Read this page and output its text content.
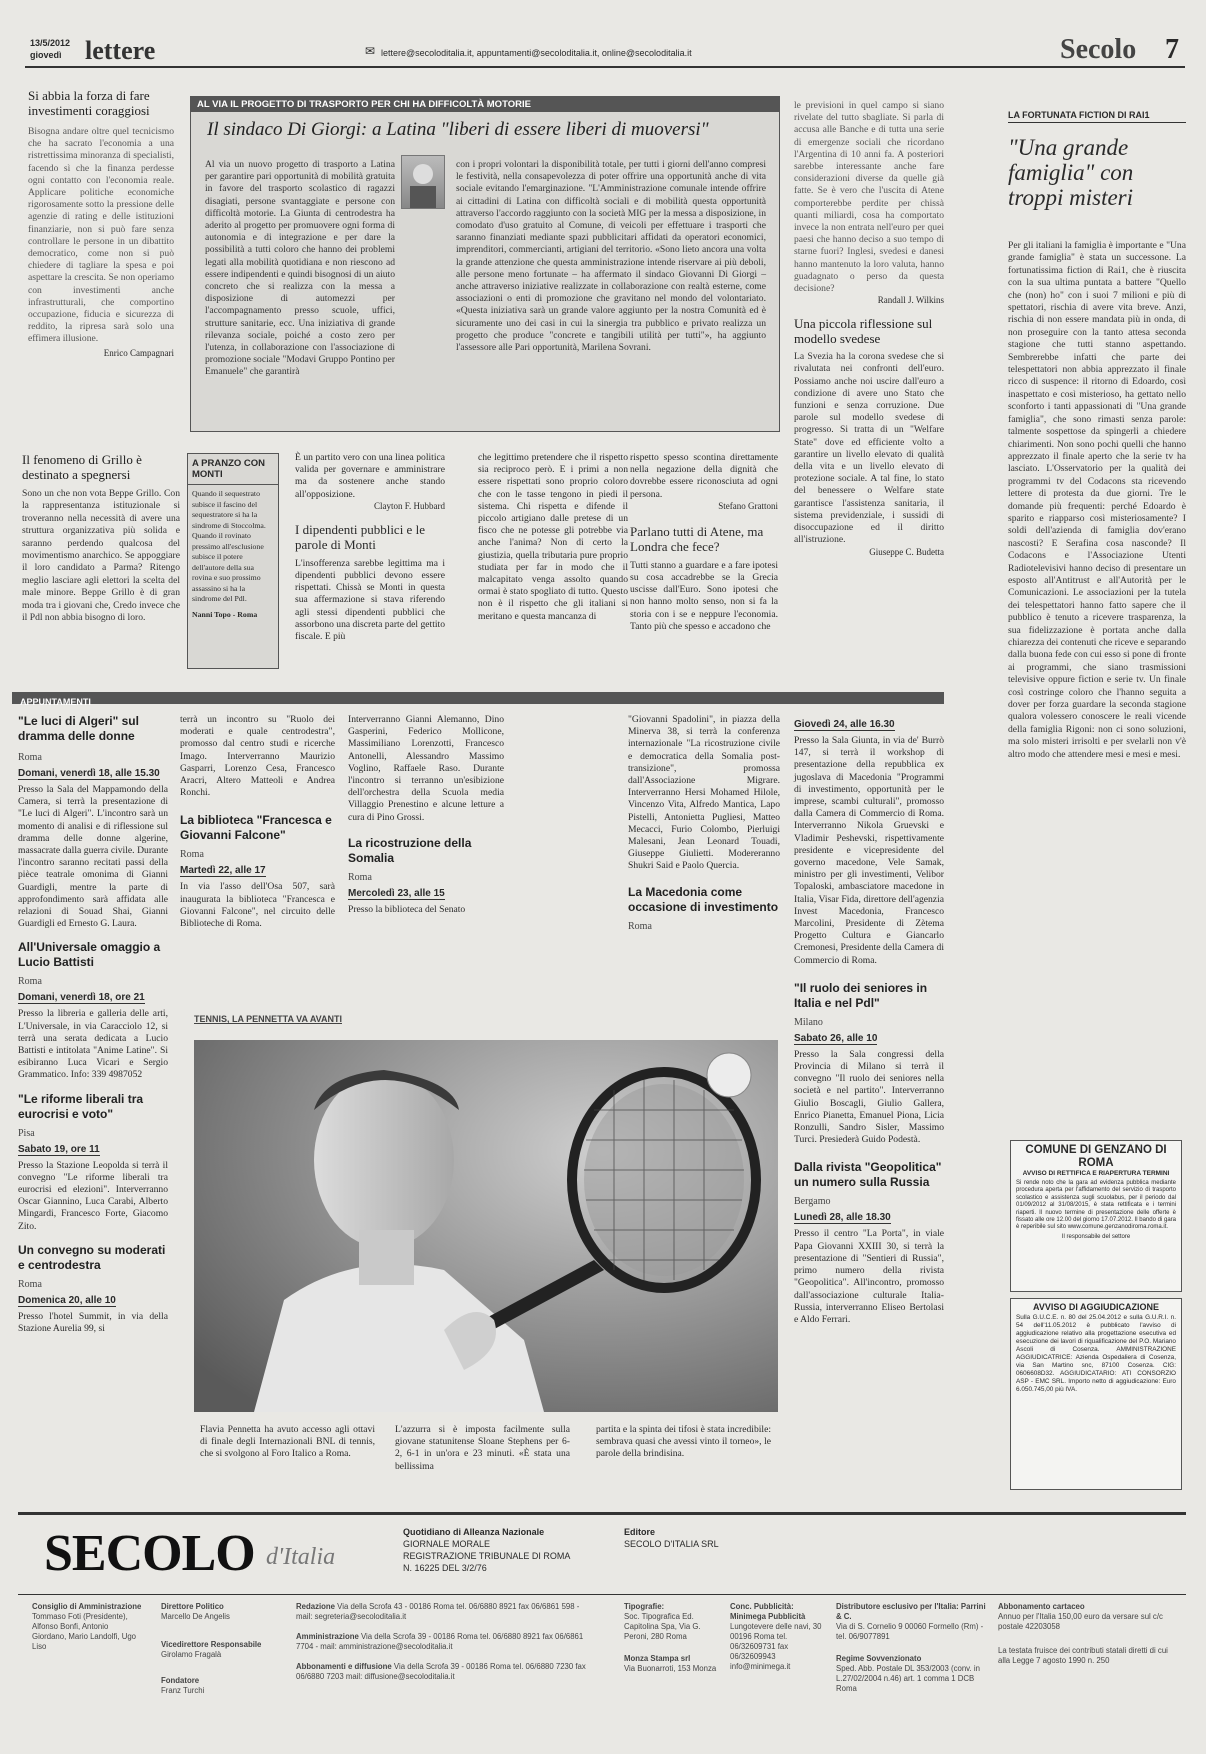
13/5/2012
giovedì lettere	✉ lettere@secoloditalia.it, appuntamenti@secoloditalia.it, online@secoloditalia.it	Secolo 7
Si abbia la forza di fare investimenti coraggiosi
Bisogna andare oltre quel tecnicismo che ha sacrato l'economia a una ristrettissima minoranza di specialisti, facendo sì che la finanza perdesse ogni contatto con l'economia reale. Applicare politiche economiche rigorosamente sotto la pressione delle agenzie di rating e delle istituzioni finanziarie, non si può fare senza controllare le persone in un dibattito democratico, come non si può chiedere di tagliare la spesa e poi aspettare la crescita. Se non operiamo con investimenti anche infrastrutturali, che comportino occupazione, fiducia e sicurezza di reddito, la ripresa sarà solo una effimera illusione.
Enrico Campagnari
AL VIA IL PROGETTO DI TRASPORTO PER CHI HA DIFFICOLTÀ MOTORIE
Il sindaco Di Giorgi: a Latina "liberi di essere liberi di muoversi"
Al via un nuovo progetto di trasporto a Latina per garantire pari opportunità di mobilità gratuita in favore del trasporto scolastico di ragazzi disagiati, persone svantaggiate e persone con difficoltà motorie. La Giunta di centrodestra ha aderito al progetto per promuovere ogni forma di autonomia e di integrazione e per dare la possibilità a tutti coloro che hanno dei problemi legati alla mobilità quotidiana e non riescono ad essere indipendenti e quindi bisognosi di un aiuto concreto che si realizza con la messa a disposizione di automezzi per l'accompagnamento presso scuole, uffici, strutture sanitarie, ecc. Una iniziativa di grande rilevanza sociale, poiché a costo zero per l'utenza, in collaborazione con l'associazione di promozione sociale "Modavi Gruppo Pontino per Emanuele" che garantirà
con i propri volontari la disponibilità totale, per tutti i giorni dell'anno compresi le festività, nella consapevolezza di poter offrire una opportunità anche di vita sociale evitando l'emarginazione. "L'Amministrazione comunale intende offrire ai cittadini di Latina con difficoltà sociali e di mobilità questa opportunità attraverso l'accordo raggiunto con la società MIG per la messa a disposizione, in comodato d'uso gratuito al Comune, di veicoli per effettuare i trasporti che saranno finanziati mediante spazi pubblicitari affidati da operatori economici, imprenditori, commercianti, artigiani del territorio. «Sono lieto ancora una volta la grande attenzione che questa amministrazione intende riservare ai più deboli, alle persone meno fortunate – ha affermato il sindaco Giovanni Di Giorgi – anche attraverso iniziative realizzate in collaborazione con realtà esterne, come associazioni o enti di promozione che gravitano nel mondo del volontariato. «Questa iniziativa sarà un grande valore aggiunto per la nostra Comunità ed è sicuramente uno dei casi in cui la sinergia tra pubblico e privato realizza un progetto che produce "concrete e tangibili utilità per tutti"», ha aggiunto l'assessore alle Pari opportunità, Marilena Sovrani.
le previsioni in quel campo si siano rivelate del tutto sbagliate. Si parla di accusa alle Banche e di tutta una serie di emergenze sociali che ricordano l'Argentina di 10 anni fa. A posteriori sarebbe interessante anche fare considerazioni diverse da quelle già fatte. Se è vero che l'uscita di Atene comporterebbe perdite per chissà quanti miliardi, cosa ha comportato invece la non entrata nell'euro per quei paesi che hanno deciso a suo tempo di starne fuori? Inglesi, svedesi e danesi hanno mantenuto la loro valuta, hanno guadagnato o perso da questa decisione?
Randall J. Wilkins
Una piccola riflessione sul modello svedese
La Svezia ha la corona svedese che si rivalutata nei confronti dell'euro. Possiamo anche noi uscire dall'euro a condizione di avere uno Stato che funzioni e senza corruzione. Due parole sul modello svedese di progresso. Si tratta di un "Welfare State" dove ed efficiente volto a garantire un livello elevato di qualità della vita e un livello elevato di protezione sociale. A tal fine, lo stato del benessere o Welfare state garantisce l'assistenza sanitaria, il sistema previdenziale, i sussidi di disoccupazione ed il diritto all'istruzione.
Giuseppe C. Budetta
LA FORTUNATA FICTION DI RAI1
"Una grande famiglia" con troppi misteri
Per gli italiani la famiglia è importante e "Una grande famiglia" è stata un successone. La fortunatissima fiction di Rai1, che è riuscita con la sua ultima puntata a battere "Quello che (non) ho" con i suoi 7 milioni e più di spettatori, rischia di avere vita breve. Anzi, rischia di non essere mandata più in onda, di non proseguire con la tanto attesa seconda stagione che tutti stanno aspettando. Sembrerebbe infatti che parte dei telespettatori non abbia apprezzato il finale ricco di suspence: il ritorno di Edoardo, così inaspettato e così misterioso, ha gettato nello sconforto i tanti appassionati di "Una grande famiglia", che sono rimasti senza parole: talmente sospettose da spingerli a chiedere chiarimenti. Non sono pochi quelli che hanno apprezzato il finale aperto che la serie tv ha lasciato. L'Osservatorio per la qualità dei programmi tv del Codacons sta ricevendo lettere di protesta da due giorni. Tre le domande più frequenti: perché Edoardo è sparito e riapparso così misteriosamente? I soldi dell'azienda di famiglia dov'erano nascosti? E Serafina cosa nasconde? Il Codacons e l'Associazione Utenti Radiotelevisivi hanno deciso di presentare un esposto all'Antitrust e all'Autorità per le Comunicazioni. Le associazioni per la tutela dei telespettatori hanno fatto sapere che il pubblico è tenuto a ricevere trasparenza, la sua fidelizzazione è portata anche dalla chiarezza dei contenuti che riceve e separando dalla buona fede con cui esso si pone di fronte ai programmi, che siano trasmissioni televisive oppure fiction e serie tv. Un finale così costringe coloro che l'hanno seguita a dover per forza guardare la seconda stagione qualora volessero conoscere le reali vicende della famiglia Rigoni: non ci sono soluzioni, ma solo misteri irrisolti e per svelarli non v'è altro modo che attendere mesi e mesi e mesi.
Il fenomeno di Grillo è destinato a spegnersi
Sono un che non vota Beppe Grillo. Con la rappresentanza istituzionale si troveranno nella necessità di avere una struttura organizzativa più solida e saranno perdendo qualcosa del movimentismo anarchico. Se appoggiare il loro candidato a Parma? Ritengo meglio lasciare agli elettori la scelta del male minore. Beppe Grillo è di gran moda tra i giovani che, Credo invece che il Pdl non abbia bisogno di loro.
A PRANZO CON MONTI
Quando il sequestrato subisce il fascino del sequestratore si ha la sindrome di Stoccolma. Quando il rovinato pressimo all'esclusione subisce il potere dell'autore della sua rovina e suo prossimo assassino si ha la sindrome del Pdl.
Nanni Topo - Roma
È un partito vero con una linea politica valida per governare e amministrare ma da sostenere anche stando all'opposizione.
Clayton F. Hubbard
I dipendenti pubblici e le parole di Monti
L'insofferenza sarebbe legittima ma i dipendenti pubblici devono essere rispettati. Chissà se Monti in questa sua affermazione si stava riferendo agli stessi dipendenti pubblici che assorbono una discreta parte del gettito fiscale. E più
che legittimo pretendere che il rispetto sia reciproco però. E i primi a non essere rispettati sono proprio coloro che con le tasse tengono in piedi il sistema. Chi rispetta e difende il piccolo artigiano dalle pretese di un fisco che ne potesse gli potrebbe via anche l'anima? Non di certo la giustizia, quella tributaria pure proprio studiata per far in modo che il malcapitato venga assolto quando ormai è stato spogliato di tutto. Questo non è il rispetto che gli italiani si meritano e questa mancanza di
rispetto spesso scontina direttamente nella negazione della dignità che dovrebbe essere riconosciuta ad ogni persona.
Stefano Grattoni
Parlano tutti di Atene, ma Londra che fece?
Tutti stanno a guardare e a fare ipotesi su cosa accadrebbe se la Grecia uscisse dall'Euro. Sono ipotesi che non hanno molto senso, non si fa la storia con i se e neppure l'economia. Tanto più che spesso e accadono che
APPUNTAMENTI
"Le luci di Algeri" sul dramma delle donne
Roma
Domani, venerdì 18, alle 15.30
Presso la Sala del Mappamondo della Camera, si terrà la presentazione di "Le luci di Algeri". L'incontro sarà un momento di analisi e di riflessione sul dramma delle donne algerine, massacrate dalla guerra civile. Durante l'incontro saranno recitati passi della pièce teatrale omonima di Gianni Guardigli, mentre la parte di approfondimento sarà affidata alle relazioni di Souad Shai, Gianni Guardigli ed Ernesto G. Laura.
All'Universale omaggio a Lucio Battisti
Roma
Domani, venerdì 18, ore 21
Presso la libreria e galleria delle arti, L'Universale, in via Caracciolo 12, si terrà una serata dedicata a Lucio Battisti e intitolata "Anime Latine". Si esibiranno Luca Vicari e Sergio Grammatico. Info: 339 4987052
"Le riforme liberali tra eurocrisi e voto"
Pisa
Sabato 19, ore 11
Presso la Stazione Leopolda si terrà il convegno "Le riforme liberali tra eurocrisi ed elezioni". Interverranno Oscar Giannino, Luca Carabi, Alberto Mingardi, Francesco Forte, Giacomo Zito.
Un convegno su moderati e centrodestra
Roma
Domenica 20, alle 10
Presso l'hotel Summit, in via della Stazione Aurelia 99, si
terrà un incontro su "Ruolo dei moderati e quale centrodestra", promosso dal centro studi e ricerche Imago. Interverranno Maurizio Gasparri, Lorenzo Cesa, Francesco Aracri, Altero Matteoli e Andrea Ronchi.
La biblioteca "Francesca e Giovanni Falcone"
Roma
Martedì 22, alle 17
In via l'asso dell'Osa 507, sarà inaugurata la biblioteca "Francesca e Giovanni Falcone", nel circuito delle Biblioteche di Roma.
Interverranno Gianni Alemanno, Dino Gasperini, Federico Mollicone, Massimiliano Lorenzotti, Francesco Antonelli, Alessandro Massimo Voglino, Raffaele Raso. Durante l'incontro si terranno un'esibizione dell'orchestra della Scuola media Villaggio Prenestino e alcune letture a cura di Pino Grossi.
La ricostruzione della Somalia
Roma
Mercoledì 23, alle 15
Presso la biblioteca del Senato
"Giovanni Spadolini", in piazza della Minerva 38, si terrà la conferenza internazionale "La ricostruzione civile e democratica della Somalia post-transizione", promossa dall'Associazione Migrare. Interverranno Hersi Mohamed Hilole, Vincenzo Vita, Alfredo Mantica, Lapo Pistelli, Antonietta Pugliesi, Matteo Mecacci, Furio Colombo, Pierluigi Malesani, Jean Leonard Touadi, Giuseppe Giulietti. Modereranno Shukri Said e Paolo Quercia.
La Macedonia come occasione di investimento
Roma
Giovedì 24, alle 16.30
Presso la Sala Giunta, in via de' Burrò 147, si terrà il workshop di presentazione della repubblica ex jugoslava di Macedonia "Programmi di investimento, opportunità per le imprese, scambi culturali", promosso dalla Camera di Commercio di Roma. Interverranno Nikola Gruevski e Vladimir Peshevski, rispettivamente presidente e vicepresidente del governo macedone, Vele Samak, ministro per gli investimenti, Velibor Topaloski, ambasciatore macedone in Italia, Visar Fida, direttore dell'agenzia Invest Macedonia, Francesco Marcolini, Presidente di Zètema Progetto Cultura e Giancarlo Cremonesi, Presidente della Camera di Commercio di Roma.
"Il ruolo dei seniores in Italia e nel Pdl"
Milano
Sabato 26, alle 10
Presso la Sala congressi della Provincia di Milano si terrà il convegno "Il ruolo dei seniores nella società e nel partito". Interverranno Giulio Boscagli, Giulio Gallera, Enrico Pianetta, Emanuel Piona, Licia Ronzulli, Sandro Sisler, Massimo Turci. Presiederà Guido Podestà.
Dalla rivista "Geopolitica" un numero sulla Russia
Bergamo
Lunedì 28, alle 18.30
Presso il centro "La Porta", in viale Papa Giovanni XXIII 30, si terrà la presentazione di "Sentieri di Russia", primo numero della rivista "Geopolitica". All'incontro, promosso dall'associazione culturale Italia-Russia, interverranno Eliseo Bertolasi e Aldo Ferrari.
TENNIS, LA PENNETTA VA AVANTI
Flavia Pennetta ha avuto accesso agli ottavi di finale degli Internazionali BNL di tennis, che si svolgono al Foro Italico a Roma.
L'azzurra si è imposta facilmente sulla giovane statunitense Sloane Stephens per 6-2, 6-1 in un'ora e 23 minuti. «È stata una bellissima
partita e la spinta dei tifosi è stata incredibile: sembrava quasi che avessi vinto il torneo», le parole della brindisina.
COMUNE DI GENZANO DI ROMA
AVVISO DI RETTIFICA E RIAPERTURA TERMINI
Si rende noto che la gara ad evidenza pubblica mediante procedura aperta per l'affidamento del servizio di trasporto scolastico e assistenza sugli scuolabus, per il periodo dal 01/09/2012 al 31/08/2015, è stata rettificata e i termini riaperti. Il nuovo termine di presentazione delle offerte è fissato alle ore 12.00 del giorno 17.07.2012. Il bando di gara è reperibile sul sito www.comune.genzanodiroma.roma.it.
Il responsabile del settore
AVVISO DI AGGIUDICAZIONE
Sulla G.U.C.E. n. 80 del 25.04.2012 e sulla G.U.R.I. n. 54 dell'11.05.2012 è pubblicato l'avviso di aggiudicazione relativo alla progettazione esecutiva ed esecuzione dei lavori di riqualificazione del P.O. Mariano Ascoli di Cosenza. AMMINISTRAZIONE AGGIUDICATRICE: Azienda Ospedaliera di Cosenza, via San Martino snc, 87100 Cosenza. CIG: 0606608D32. AGGIUDICATARIO: ATI CONSORZIO ASP - EMC SRL. Importo netto di aggiudicazione: Euro 6.050.745,00 più IVA.
SECOLO d'Italia
Quotidiano di Alleanza Nazionale
GIORNALE MORALE
REGISTRAZIONE TRIBUNALE DI ROMA
N. 16225 DEL 3/2/76
Editore
SECOLO D'ITALIA SRL
Consiglio di Amministrazione
Tommaso Foti (Presidente), Alfonso Bonfi, Antonio Giordano, Mario Landolfi, Ugo Liso
Direttore Politico
Marcello De Angelis
Vicedirettore Responsabile
Girolamo Fragalà
Fondatore
Franz Turchi
Redazione Via della Scrofa 43 - 00186 Roma tel. 06/6880 8921 fax 06/6861 598 - mail: segreteria@secoloditalia.it
Amministrazione Via della Scrofa 39 - 00186 Roma tel. 06/6880 8921 fax 06/6861 7704 - mail: amministrazione@secoloditalia.it
Abbonamenti e diffusione Via della Scrofa 39 - 00186 Roma tel. 06/6880 7230 fax 06/6880 7203 mail: diffusione@secoloditalia.it
Tipografie:
Soc. Tipografica Ed. Capitolina Spa, Via G. Peroni, 280 Roma
Monza Stampa srl
Via Buonarroti, 153 Monza
Conc. Pubblicità: Minimega Pubblicità
Lungotevere delle navi, 30 00196 Roma tel. 06/32609731 fax 06/32609943 info@minimega.it
Distributore esclusivo per l'Italia: Parrini & C.
Via di S. Cornelio 9 00060 Formello (Rm) - tel. 06/9077891
Regime Sovvenzionato
Sped. Abb. Postale DL 353/2003 (conv. in L.27/02/2004 n.46) art. 1 comma 1 DCB Roma
Abbonamento cartaceo
Annuo per l'Italia 150,00 euro da versare sul c/c postale 42203058
La testata fruisce dei contributi statali diretti di cui alla Legge 7 agosto 1990 n. 250
